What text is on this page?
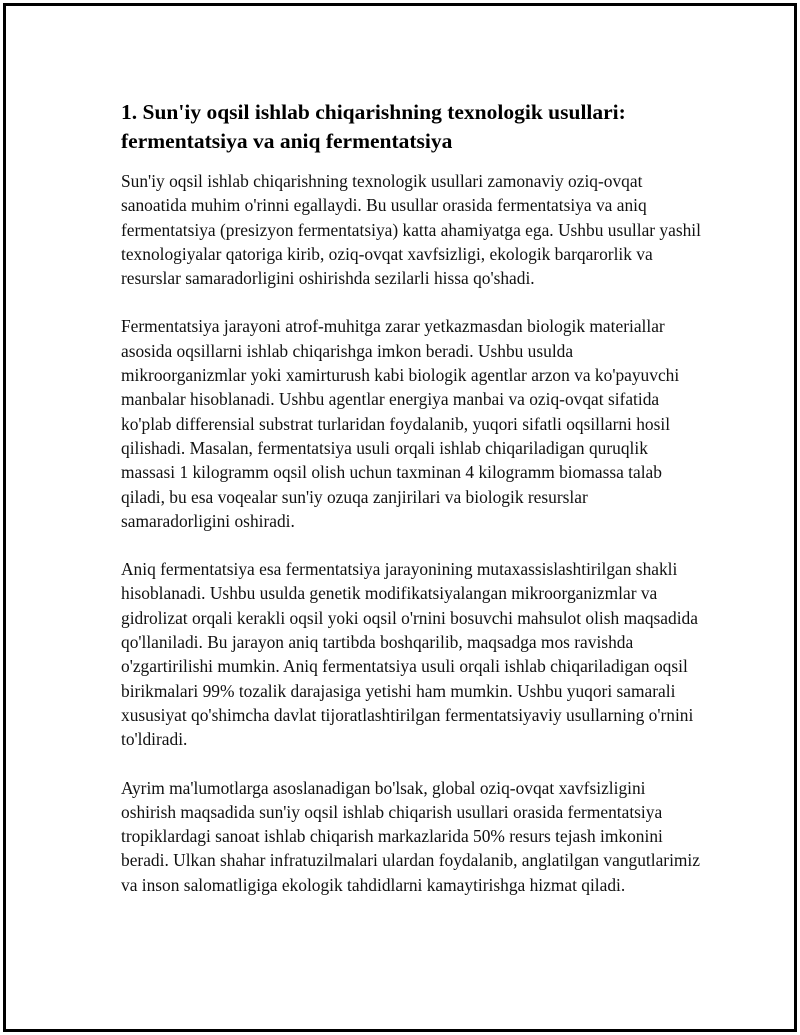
1. Sun'iy oqsil ishlab chiqarishning texnologik usullari: fermentatsiya va aniq fermentatsiya

Sun'iy oqsil ishlab chiqarishning texnologik usullari zamonaviy oziq-ovqat sanoatida muhim o'rinni egallaydi. Bu usullar orasida fermentatsiya va aniq fermentatsiya (presizyon fermentatsiya) katta ahamiyatga ega. Ushbu usullar yashil texnologiyalar qatoriga kirib, oziq-ovqat xavfsizligi, ekologik barqarorlik va resurslar samaradorligini oshirishda sezilarli hissa qo'shadi.

Fermentatsiya jarayoni atrof-muhitga zarar yetkazmasdan biologik materiallar asosida oqsillarni ishlab chiqarishga imkon beradi. Ushbu usulda mikroorganizmlar yoki xamirturush kabi biologik agentlar arzon va ko'payuvchi manbalar hisoblanadi. Ushbu agentlar energiya manbai va oziq-ovqat sifatida ko'plab differensial substrat turlaridan foydalanib, yuqori sifatli oqsillarni hosil qilishadi. Masalan, fermentatsiya usuli orqali ishlab chiqariladigan quruqlik massasi 1 kilogramm oqsil olish uchun taxminan 4 kilogramm biomassa talab qiladi, bu esa voqealar sun'iy ozuqa zanjirilari va biologik resurslar samaradorligini oshiradi.

Aniq fermentatsiya esa fermentatsiya jarayonining mutaxassislashtirilgan shakli hisoblanadi. Ushbu usulda genetik modifikatsiyalangan mikroorganizmlar va gidrolizat orqali kerakli oqsil yoki oqsil o'rnini bosuvchi mahsulot olish maqsadida qo'llaniladi. Bu jarayon aniq tartibda boshqarilib, maqsadga mos ravishda o'zgartirilishi mumkin. Aniq fermentatsiya usuli orqali ishlab chiqariladigan oqsil birikmalari 99% tozalik darajasiga yetishi ham mumkin. Ushbu yuqori samarali xususiyat qo'shimcha davlat tijoratlashtirilgan fermentatsiyaviy usullarning o'rnini to'ldiradi.

Ayrim ma'lumotlarga asoslanadigan bo'lsak, global oziq-ovqat xavfsizligini oshirish maqsadida sun'iy oqsil ishlab chiqarish usullari orasida fermentatsiya tropiklardagi sanoat ishlab chiqarish markazlarida 50% resurs tejash imkonini beradi. Ulkan shahar infratuzilmalari ulardan foydalanib, anglatilgan vangutlarimiz va inson salomatligiga ekologik tahdidlarni kamaytirishga hizmat qiladi.
